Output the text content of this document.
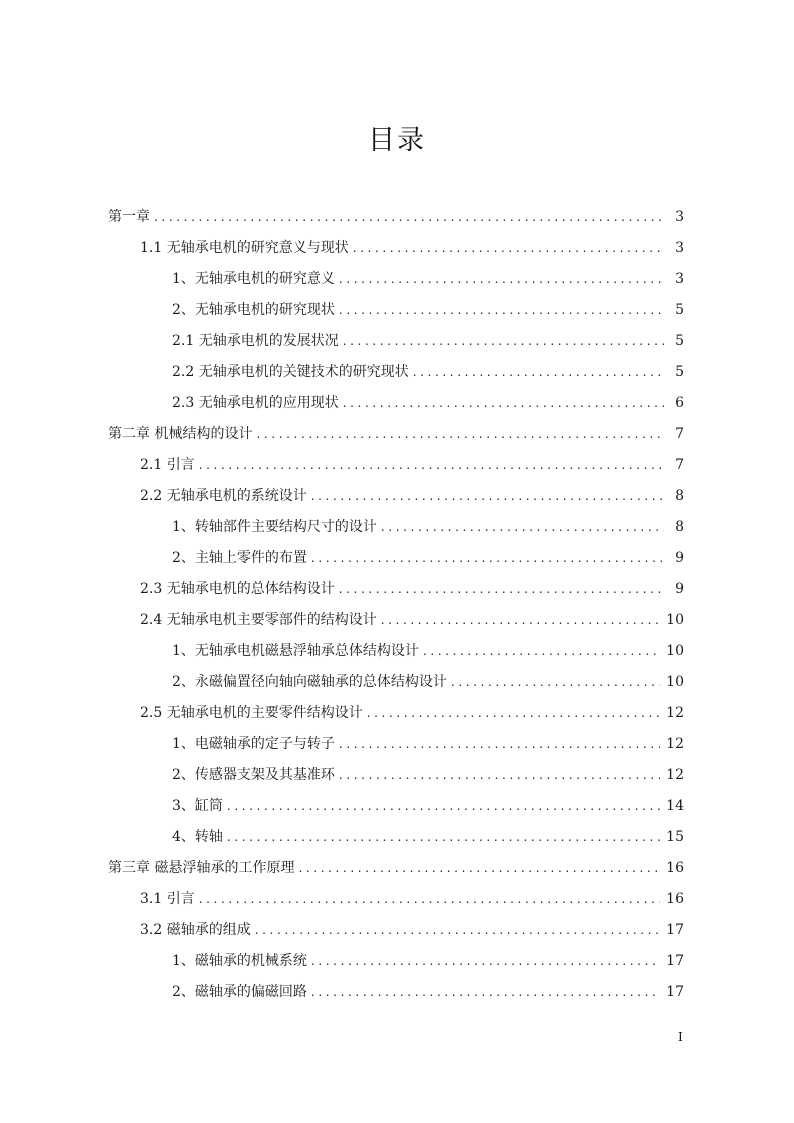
目录
第一章 .....	3
1.1 无轴承电机的研究意义与现状 .....	3
1、无轴承电机的研究意义 .....	3
2、无轴承电机的研究现状 .....	5
2.1 无轴承电机的发展状况 .....	5
2.2 无轴承电机的关键技术的研究现状 .....	5
2.3 无轴承电机的应用现状 .....	6
第二章 机械结构的设计 .....	7
2.1 引言 .....	7
2.2 无轴承电机的系统设计 .....	8
1、转轴部件主要结构尺寸的设计 .....	8
2、主轴上零件的布置 .....	9
2.3 无轴承电机的总体结构设计 .....	9
2.4 无轴承电机主要零部件的结构设计 .....	10
1、无轴承电机磁悬浮轴承总体结构设计 .....	10
2、永磁偏置径向轴向磁轴承的总体结构设计 .....	10
2.5 无轴承电机的主要零件结构设计 .....	12
1、电磁轴承的定子与转子 .....	12
2、传感器支架及其基准环 .....	12
3、缸筒 .....	14
4、转轴 .....	15
第三章 磁悬浮轴承的工作原理 .....	16
3.1 引言 .....	16
3.2 磁轴承的组成 .....	17
1、磁轴承的机械系统 .....	17
2、磁轴承的偏磁回路 .....	17
I
